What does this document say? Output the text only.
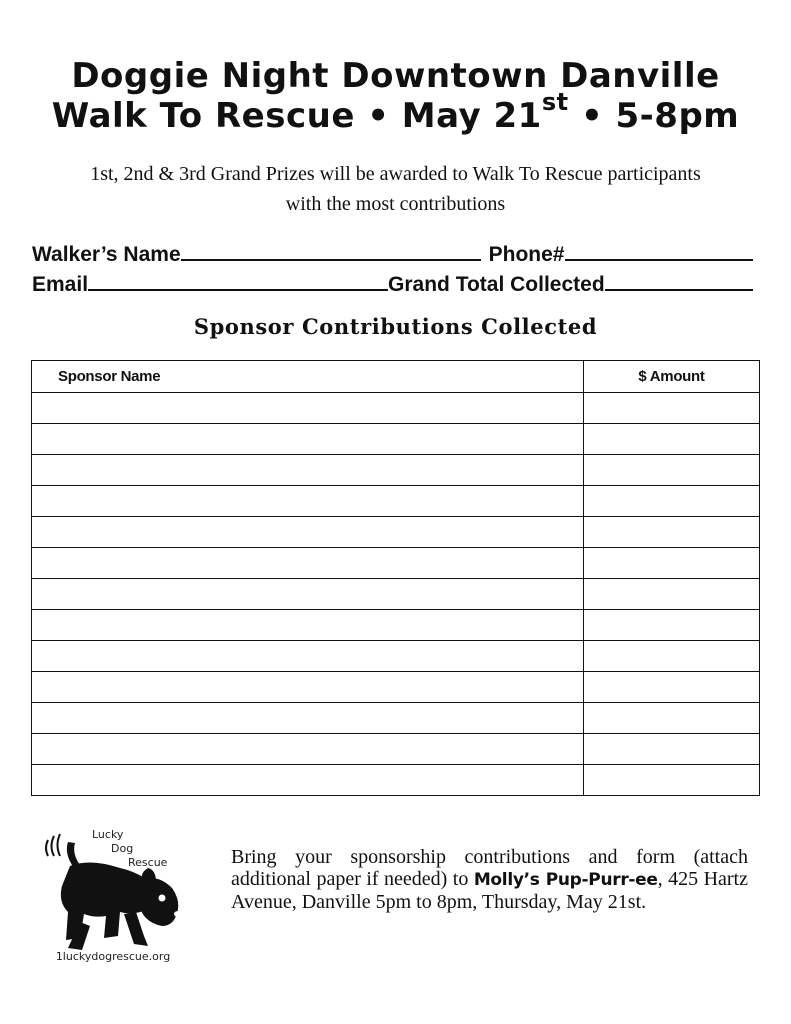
Doggie Night Downtown Danville
Walk To Rescue • May 21st • 5-8pm
1st, 2nd & 3rd Grand Prizes will be awarded to Walk To Rescue participants
with the most contributions
Walker’s Name	Phone#
Email	Grand Total Collected
Sponsor Contributions Collected
Sponsor Name	$ Amount

Lucky
Dog
Rescue
1luckydogrescue.org
Bring your sponsorship contributions and form (attach additional paper if needed) to Molly’s Pup-Purr-ee, 425 Hartz Avenue, Danville 5pm to 8pm, Thursday, May 21st.
